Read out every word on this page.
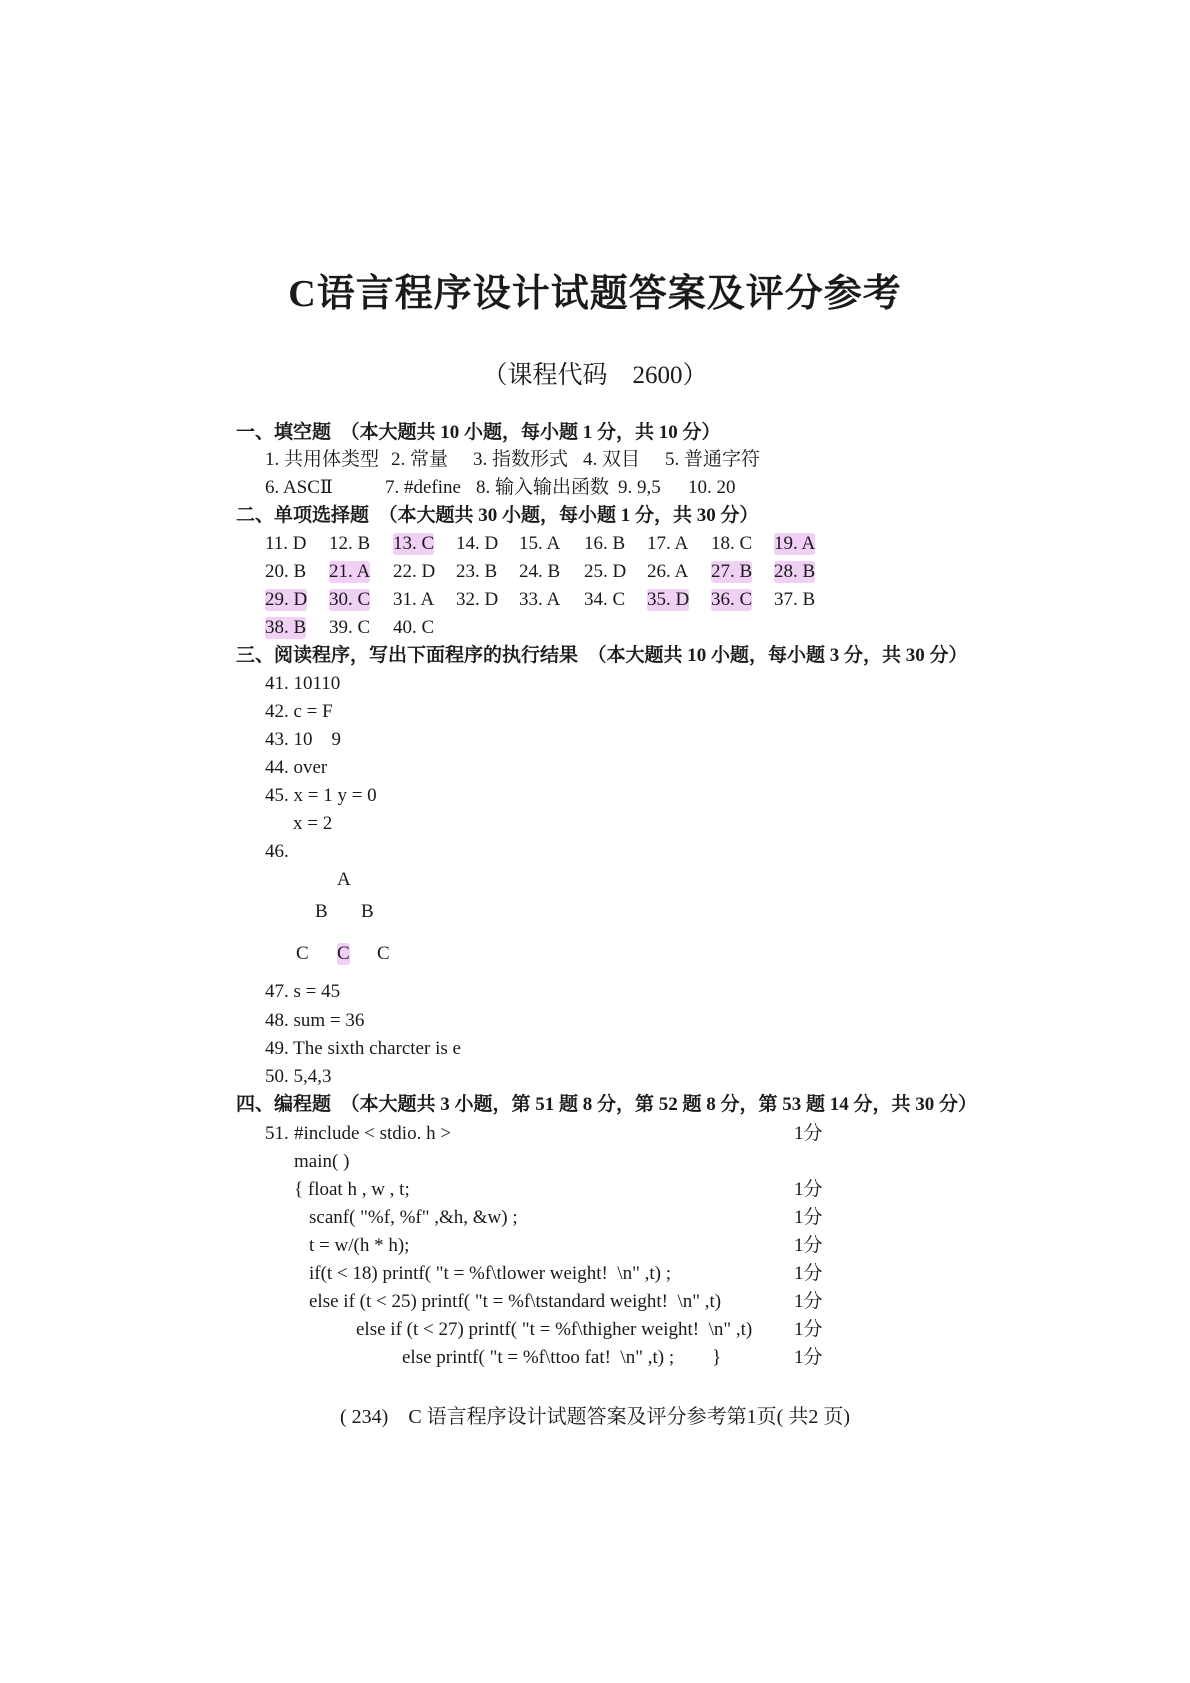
C语言程序设计试题答案及评分参考
（课程代码　2600）
一、填空题　（本大题共 10 小题，每小题 1 分，共 10 分）
1. 共用体类型 2. 常量 3. 指数形式 4. 双目 5. 普通字符
6. ASCⅡ	7. #define 8. 输入输出函数 9. 9,5 10. 20
二、单项选择题　（本大题共 30 小题，每小题 1 分，共 30 分）
11. D 12. B 13. C 14. D 15. A 16. B 17. A 18. C 19. A
20. B 21. A 22. D 23. B 24. B 25. D 26. A 27. B 28. B
29. D 30. C 31. A 32. D 33. A 34. C 35. D 36. C 37. B
38. B 39. C 40. C
三、阅读程序，写出下面程序的执行结果　（本大题共 10 小题，每小题 3 分，共 30 分）
41. 10110
42. c = F
43. 10　9
44. over
45. x = 1 y = 0
x = 2
46.
A
B B
C C C
47. s = 45
48. sum = 36
49. The sixth charcter is e
50. 5,4,3
四、编程题　（本大题共 3 小题，第 51 题 8 分，第 52 题 8 分，第 53 题 14 分，共 30 分）
51. #include < stdio. h >	1分
main( )
{ float h , w , t;	1分
scanf( "%f, %f" ,&h, &w) ;	1分
t = w/(h * h);	1分
if(t < 18) printf( "t = %f\tlower weight!  \n" ,t) ;	1分
else if (t < 25) printf( "t = %f\tstandard weight!  \n" ,t)	1分
else if (t < 27) printf( "t = %f\thigher weight!  \n" ,t) 1分
else printf( "t = %f\ttoo fat!  \n" ,t) ;　　}	1分
( 234)　C 语言程序设计试题答案及评分参考第1页( 共2 页)
